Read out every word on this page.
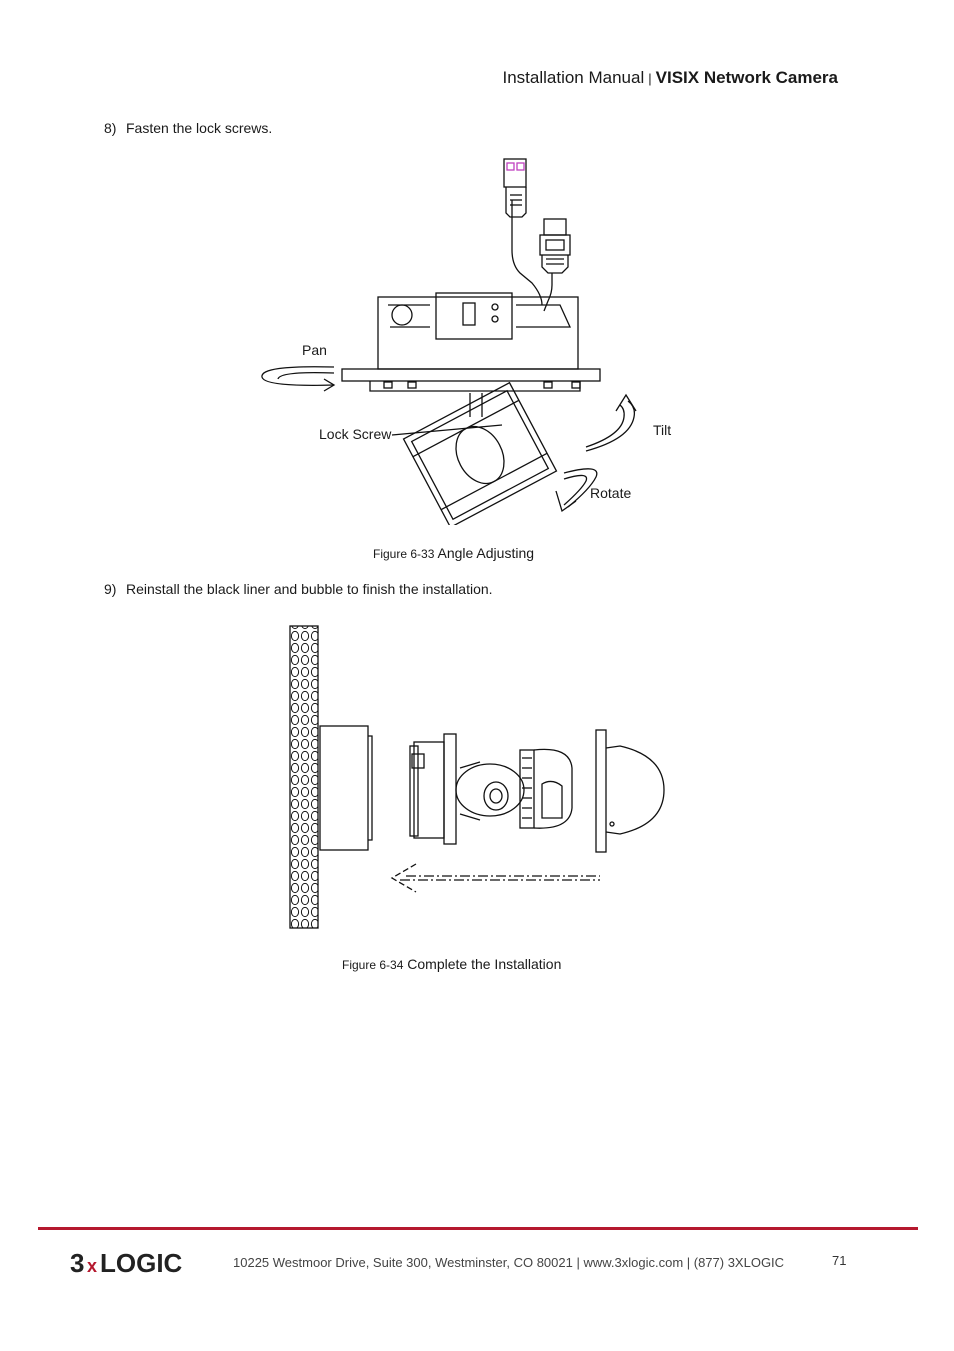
Installation Manual | VISIX Network Camera
8) Fasten the lock screws.
Pan
Lock Screw	Tilt
Rotate
Figure 6-33 Angle Adjusting
9) Reinstall the black liner and bubble to finish the installation.
Figure 6-34 Complete the Installation
3 x LOGIC	10225 Westmoor Drive, Suite 300, Westminster, CO 80021 | www.3xlogic.com | (877) 3XLOGIC	71
